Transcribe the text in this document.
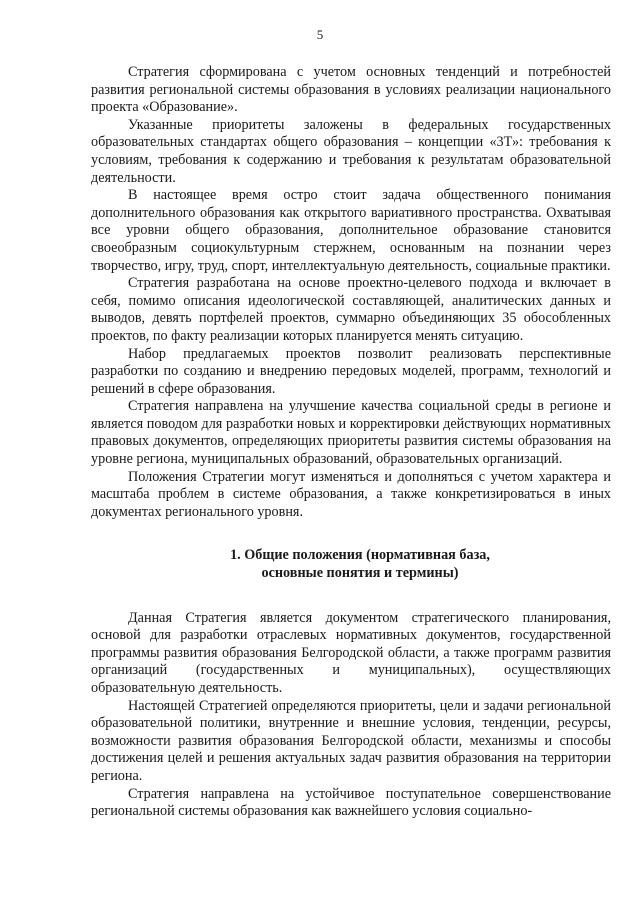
5

Стратегия сформирована с учетом основных тенденций и потребностей развития региональной системы образования в условиях реализации национального проекта «Образование».

Указанные приоритеты заложены в федеральных государственных образовательных стандартах общего образования – концепции «3Т»: требования к условиям, требования к содержанию и требования к результатам образовательной деятельности.

В настоящее время остро стоит задача общественного понимания дополнительного образования как открытого вариативного пространства. Охватывая все уровни общего образования, дополнительное образование становится своеобразным социокультурным стержнем, основанным на познании через творчество, игру, труд, спорт, интеллектуальную деятельность, социальные практики.

Стратегия разработана на основе проектно-целевого подхода и включает в себя, помимо описания идеологической составляющей, аналитических данных и выводов, девять портфелей проектов, суммарно объединяющих 35 обособленных проектов, по факту реализации которых планируется менять ситуацию.

Набор предлагаемых проектов позволит реализовать перспективные разработки по созданию и внедрению передовых моделей, программ, технологий и решений в сфере образования.

Стратегия направлена на улучшение качества социальной среды в регионе и является поводом для разработки новых и корректировки действующих нормативных правовых документов, определяющих приоритеты развития системы образования на уровне региона, муниципальных образований, образовательных организаций.

Положения Стратегии могут изменяться и дополняться с учетом характера и масштаба проблем в системе образования, а также конкретизироваться в иных документах регионального уровня.

1. Общие положения (нормативная база,
основные понятия и термины)

Данная Стратегия является документом стратегического планирования, основой для разработки отраслевых нормативных документов, государственной программы развития образования Белгородской области, а также программ развития организаций (государственных и муниципальных), осуществляющих образовательную деятельность.

Настоящей Стратегией определяются приоритеты, цели и задачи региональной образовательной политики, внутренние и внешние условия, тенденции, ресурсы, возможности развития образования Белгородской области, механизмы и способы достижения целей и решения актуальных задач развития образования на территории региона.

Стратегия направлена на устойчивое поступательное совершенствование региональной системы образования как важнейшего условия социально-
